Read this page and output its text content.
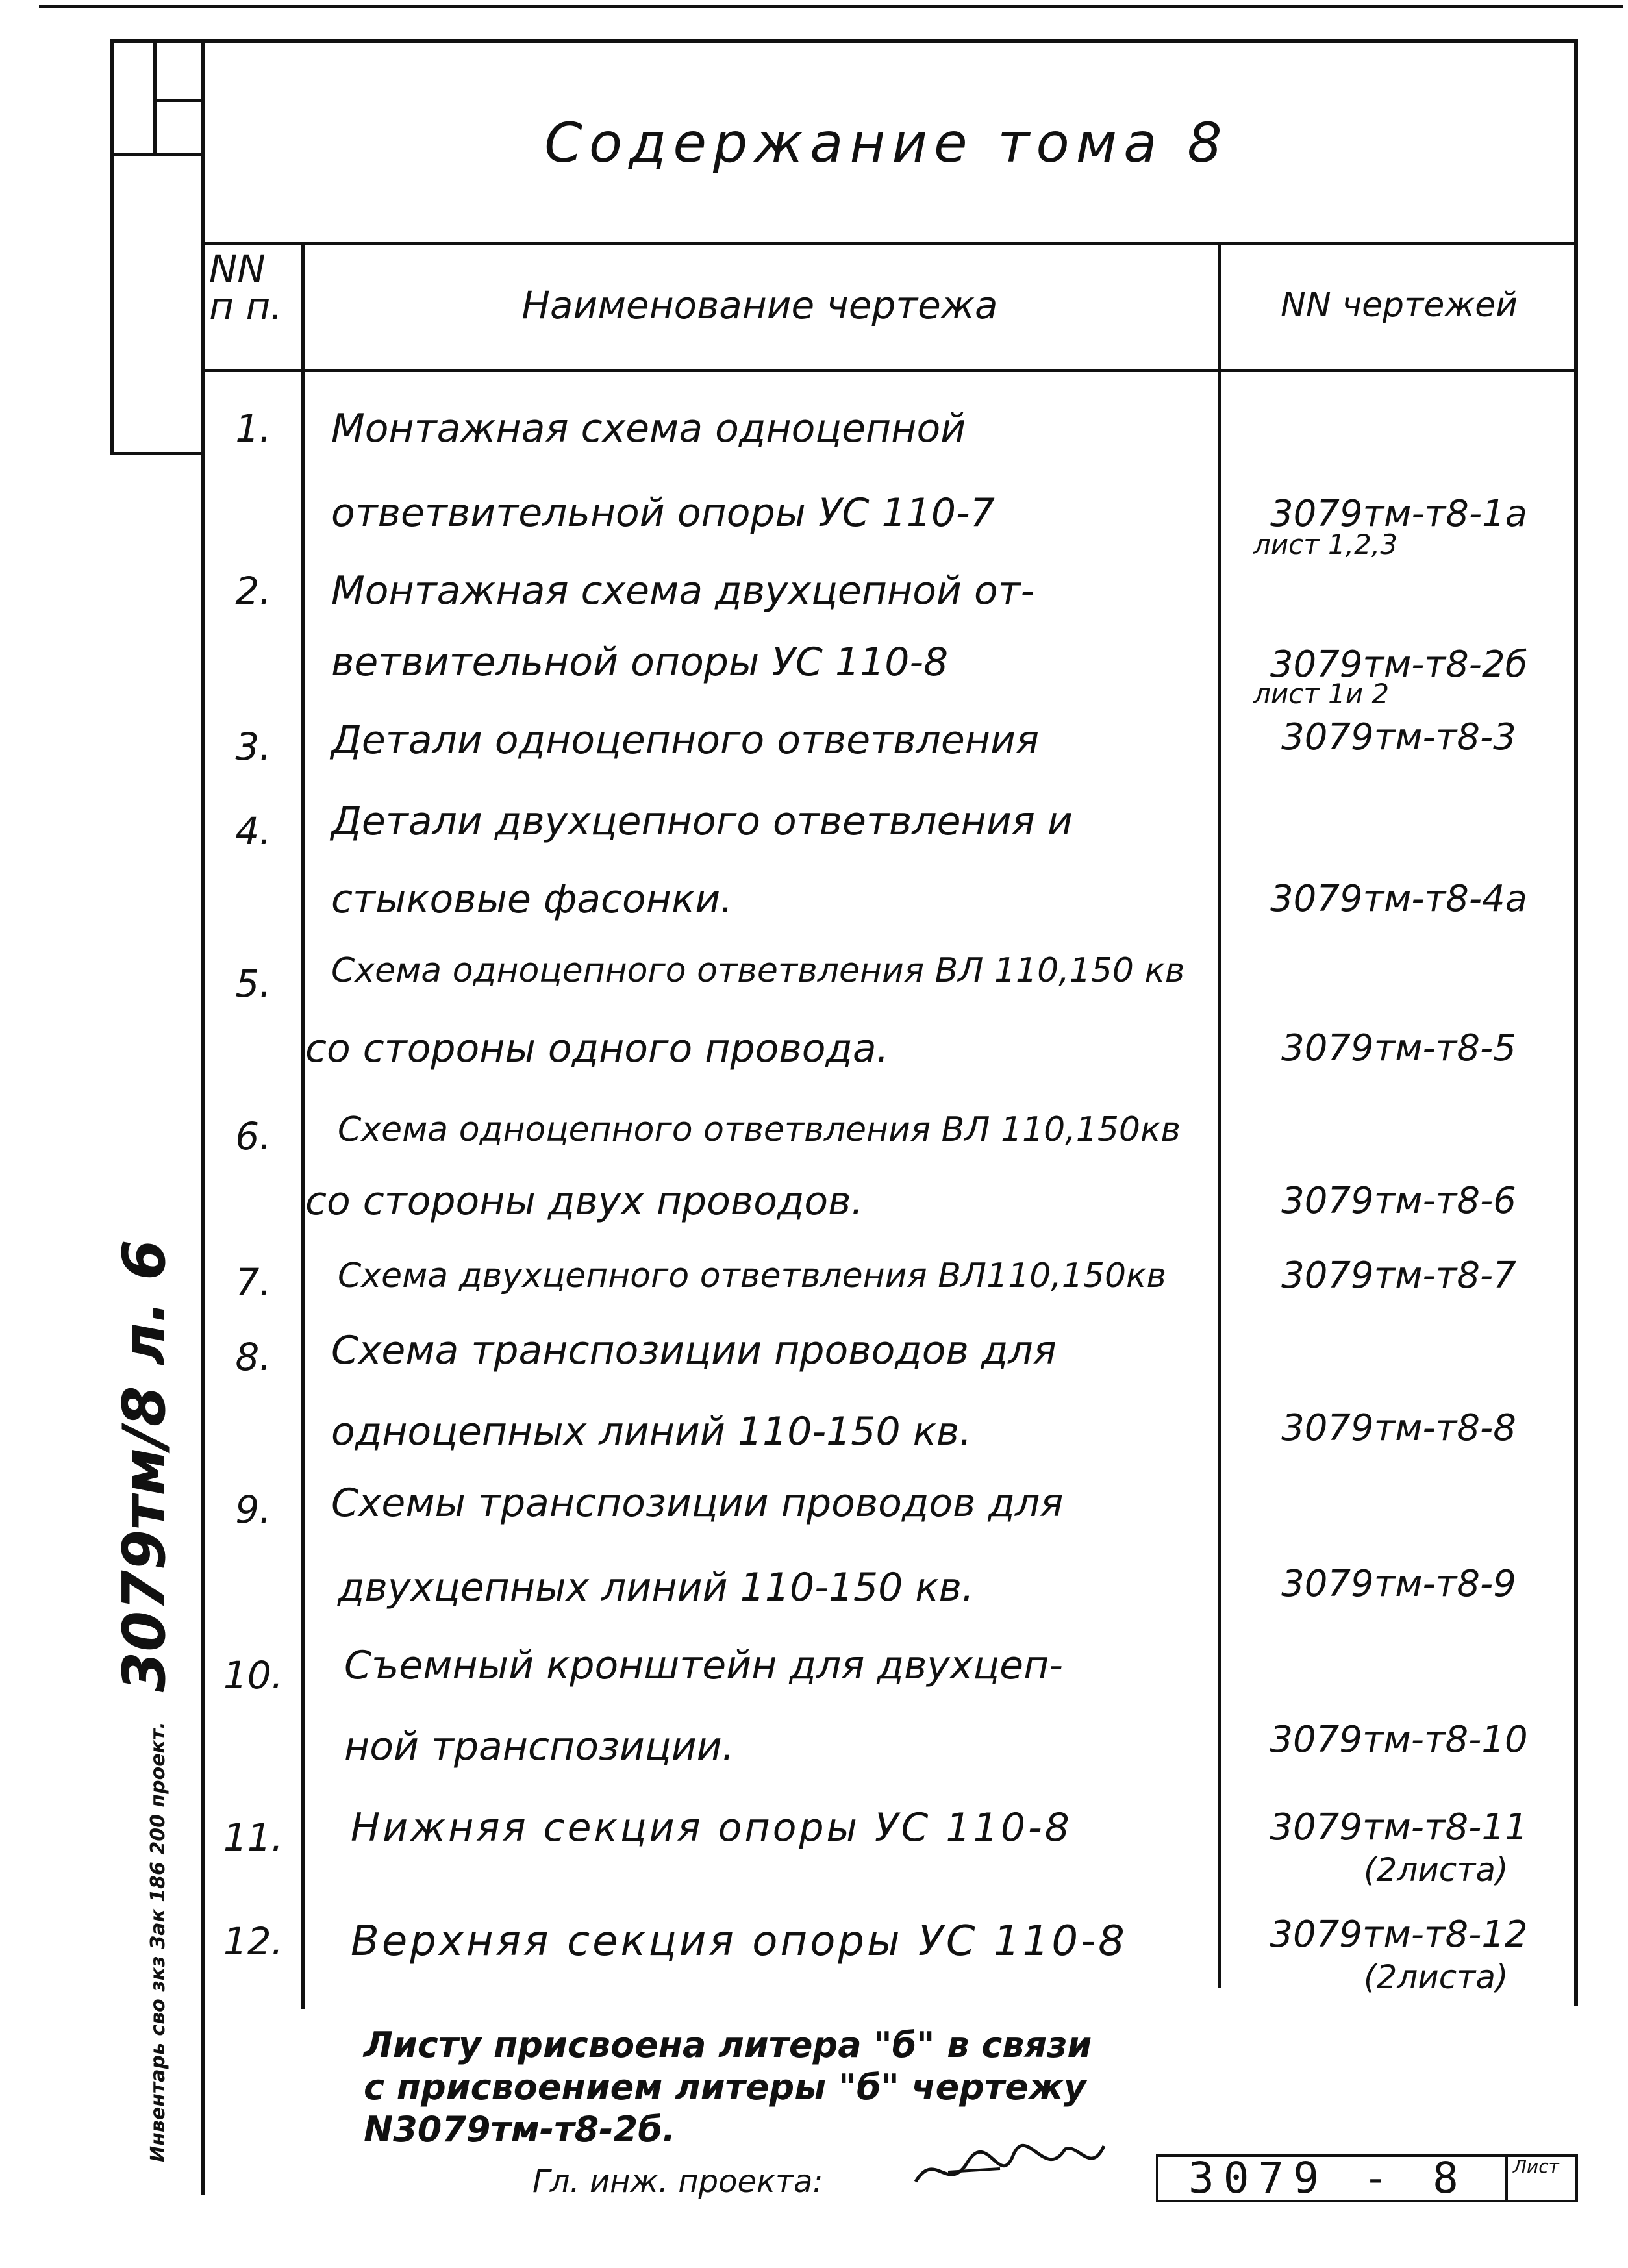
Содержание тома 8
NN п п.	Наименование чертежа	NN чертежей
1.	Монтажная схема одноцепной
ответвительной опоры УС 110-7	3079тм-т8-1а
лист 1,2,3
2.	Монтажная схема двухцепной от-
ветвительной опоры УС 110-8	3079тм-т8-2б
лист 1и 2
3.	Детали одноцепного ответвления	3079тм-т8-3
4.	Детали двухцепного ответвления и
стыковые фасонки.	3079тм-т8-4а
5.	Схема одноцепного ответвления ВЛ 110,150 кв
со стороны одного провода.	3079тм-т8-5
6.	Схема одноцепного ответвления ВЛ 110,150кв
со стороны двух проводов.	3079тм-т8-6
7.	Схема двухцепного ответвления ВЛ110,150кв	3079тм-т8-7
8.	Схема транспозиции проводов для
одноцепных линий 110-150 кв.	3079тм-т8-8
9.	Схемы транспозиции проводов для
двухцепных линий 110-150 кв.	3079тм-т8-9
10.	Съемный кронштейн для двухцеп-
ной транспозиции.	3079тм-т8-10
11.	Нижняя секция опоры УС 110-8	3079тм-т8-11
(2листа)
12.	Верхняя секция опоры УС 110-8	3079тм-т8-12
(2листа)
Листу присвоена литера "б" в связи
с присвоением литеры "б" чертежу
N3079тм-т8-2б.
Гл. инж. проекта:	3079 - 8	Лист
Инвентарь сво зкз Зак 186 200 проект. 3079тм/8 л. 6
